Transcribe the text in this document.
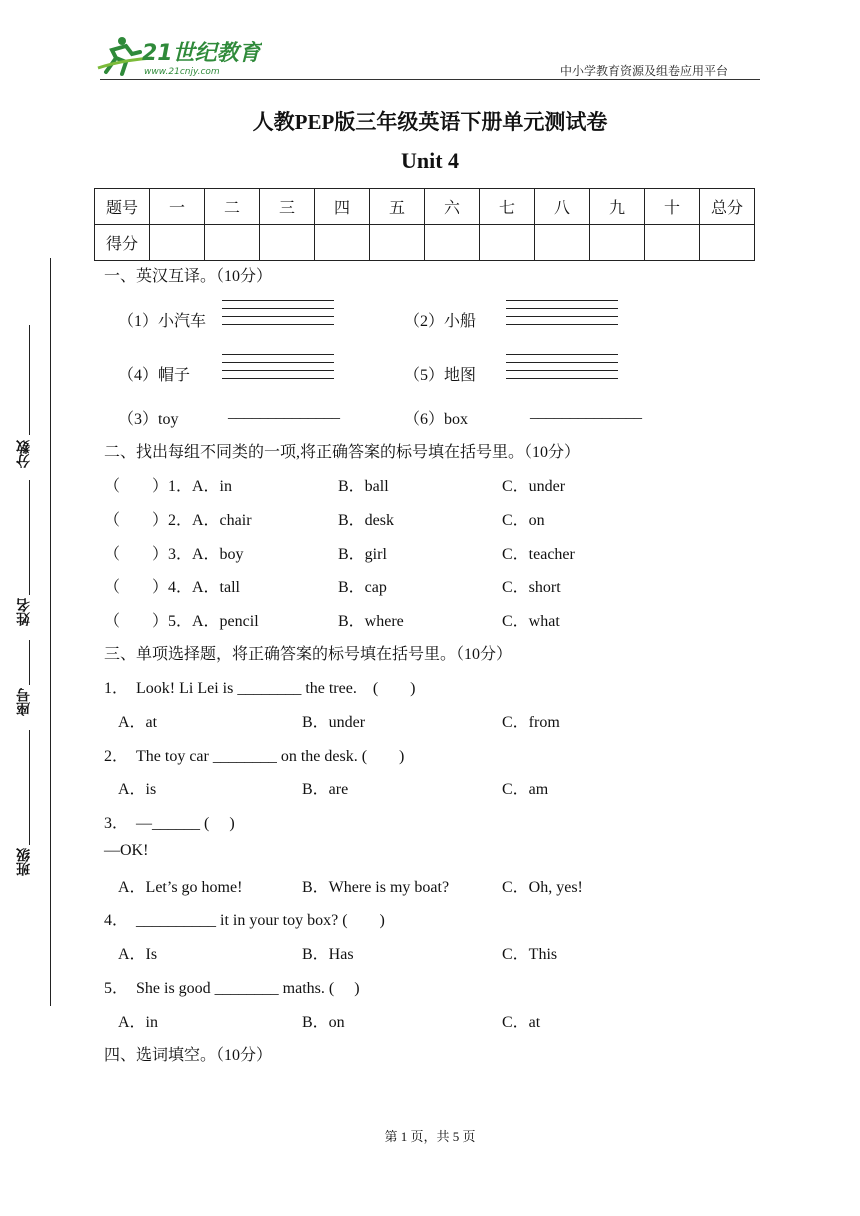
21世纪教育
www.21cnjy.com	中小学教育资源及组卷应用平台
人教PEP版三年级英语下册单元测试卷
Unit 4
题号	一	二	三	四	五	六	七	八	九	十	总分
得分											
分数
姓名
座号
班级
一、英汉互译。（10分）
（1）小汽车	（2）小船
（4）帽子	（5）地图
（3）toy	______________	（6）box	______________
二、找出每组不同类的一项,将正确答案的标号填在括号里。（10分）
（　　）1．A．in	B．ball	C．under
（　　）2．A．chair	B．desk	C．on
（　　）3．A．boy	B．girl	C．teacher
（　　）4．A．tall	B．cap	C．short
（　　）5．A．pencil	B．where	C．what
三、单项选择题，将正确答案的标号填在括号里。（10分）
1．　Look! Li Lei is ________ the tree.　(　　)
A．at	B．under	C．from
2．　The toy car ________ on the desk. (　　)
A．is	B．are	C．am
3．　—______ (　 )
—OK!
A．Let’s go home!	B．Where is my boat?	C．Oh, yes!
4．　__________ it in your toy box? (　　)
A．Is	B．Has	C．This
5．　She is good ________ maths. (　 )
A．in	B．on	C．at
四、选词填空。（10分）
第 1 页，共 5 页
